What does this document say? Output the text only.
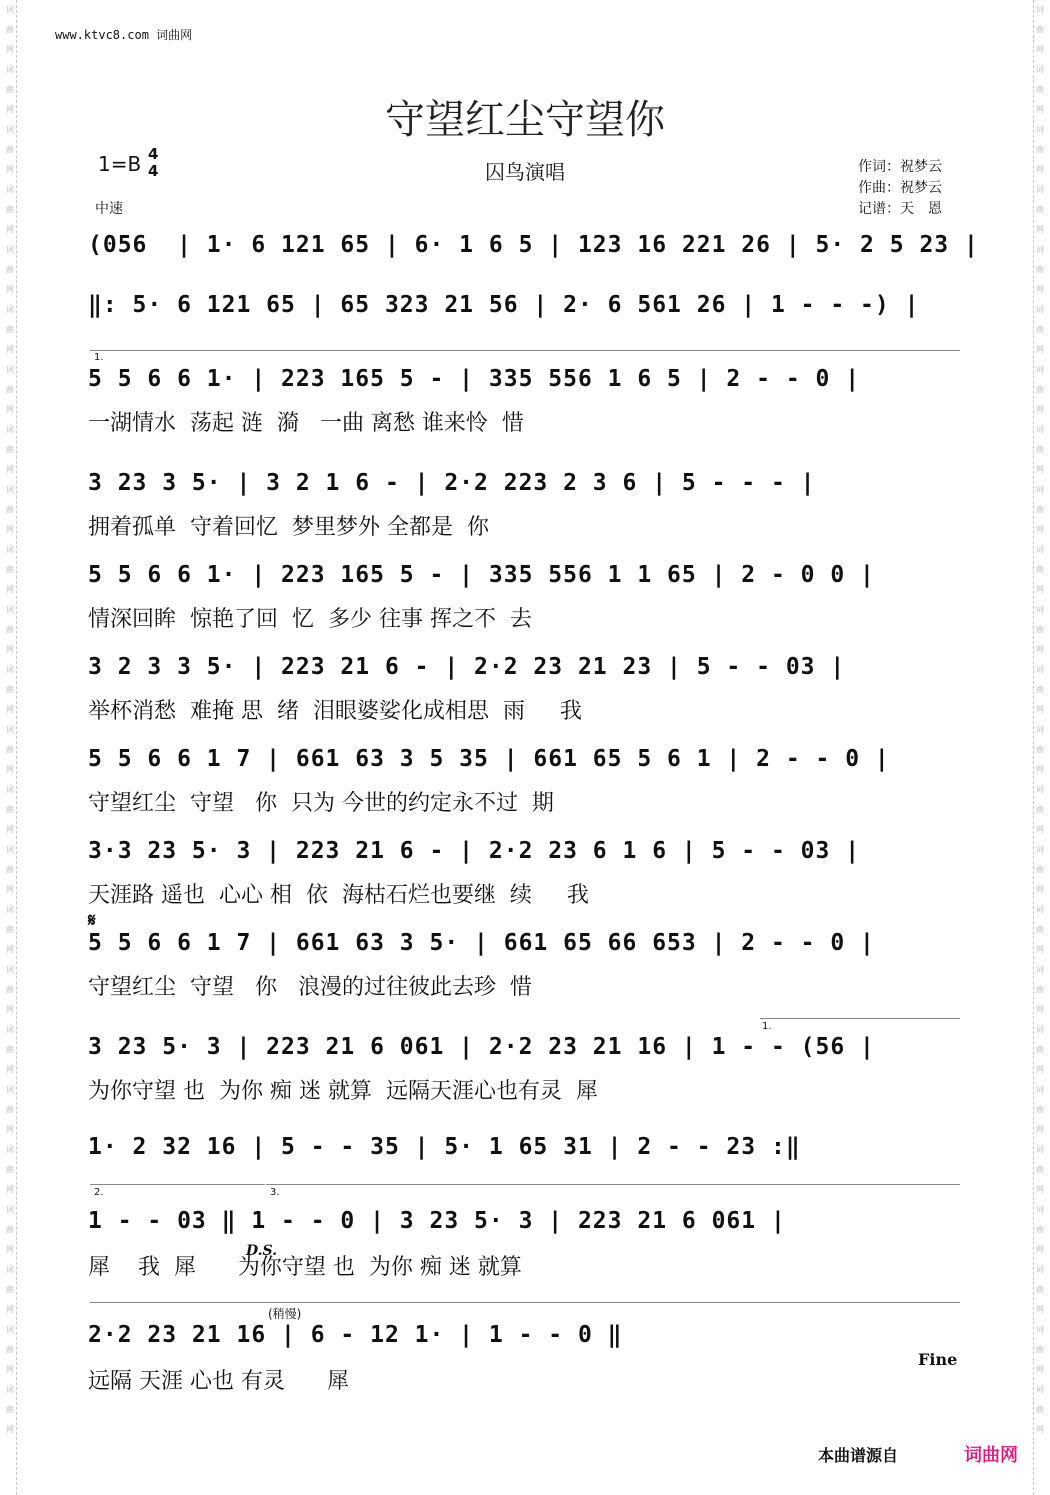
词曲网词曲网词曲网词曲网词曲网词曲网词曲网词曲网词曲网词曲网词曲网词曲网词曲网词曲网词曲网词曲网词曲网词曲网词曲网词曲网词曲网词曲网词曲网词曲网
词曲网词曲网词曲网词曲网词曲网词曲网词曲网词曲网词曲网词曲网词曲网词曲网词曲网词曲网词曲网词曲网词曲网词曲网词曲网词曲网词曲网词曲网词曲网词曲网
www.ktvc8.com 词曲网
守望红尘守望你
1=B 4
4
中速
囚鸟演唱	作词：祝梦云
作曲：祝梦云
记谱：天　恩
1.
1.
2.	3.
(056  | 1· 6 121 65 | 6· 1 6 5 | 123 16 221 26 | 5· 2 5 23 |
‖: 5· 6 121 65 | 65 323 21 56 | 2· 6 561 26 | 1 - - -) |
5 5 6 6 1· | 223 165 5 - | 335 556 1 6 5 | 2 - - 0 |
一湖情水  荡起 涟  漪   一曲 离愁 谁来怜  惜
3 23 3 5· | 3 2 1 6 - | 2·2 223 2 3 6 | 5 - - - |
拥着孤单  守着回忆  梦里梦外 全都是  你
5 5 6 6 1· | 223 165 5 - | 335 556 1 1 65 | 2 - 0 0 |
情深回眸  惊艳了回  忆  多少 往事 挥之不  去
3 2 3 3 5· | 223 21 6 - | 2·2 23 21 23 | 5 - - 03 |
举杯消愁  难掩 思  绪  泪眼婆娑化成相思  雨     我
5 5 6 6 1 7 | 661 63 3 5 35 | 661 65 5 6 1 | 2 - - 0 |
守望红尘  守望   你  只为 今世的约定永不过  期
3·3 23 5· 3 | 223 21 6 - | 2·2 23 6 1 6 | 5 - - 03 |
天涯路 遥也  心心 相  依  海枯石烂也要继  续     我
𝄋
5 5 6 6 1 7 | 661 63 3 5· | 661 65 66 653 | 2 - - 0 |
守望红尘  守望   你   浪漫的过往彼此去珍  惜
3 23 5· 3 | 223 21 6 061 | 2·2 23 21 16 | 1 - - (56 |
为你守望 也  为你 痴 迷 就算  远隔天涯心也有灵  犀
1· 2 32 16 | 5 - - 35 | 5· 1 65 31 | 2 - - 23 :‖
1 - - 03 ‖ 1 - - 0 | 3 23 5· 3 | 223 21 6 061 |
犀    我  犀      为你守望 也  为你 痴 迷 就算
D.S.
(稍慢)
2·2 23 21 16 | 6 - 12 1· | 1 - - 0 ‖
远隔 天涯 心也 有灵      犀
Fine
本曲谱源自	词曲网
